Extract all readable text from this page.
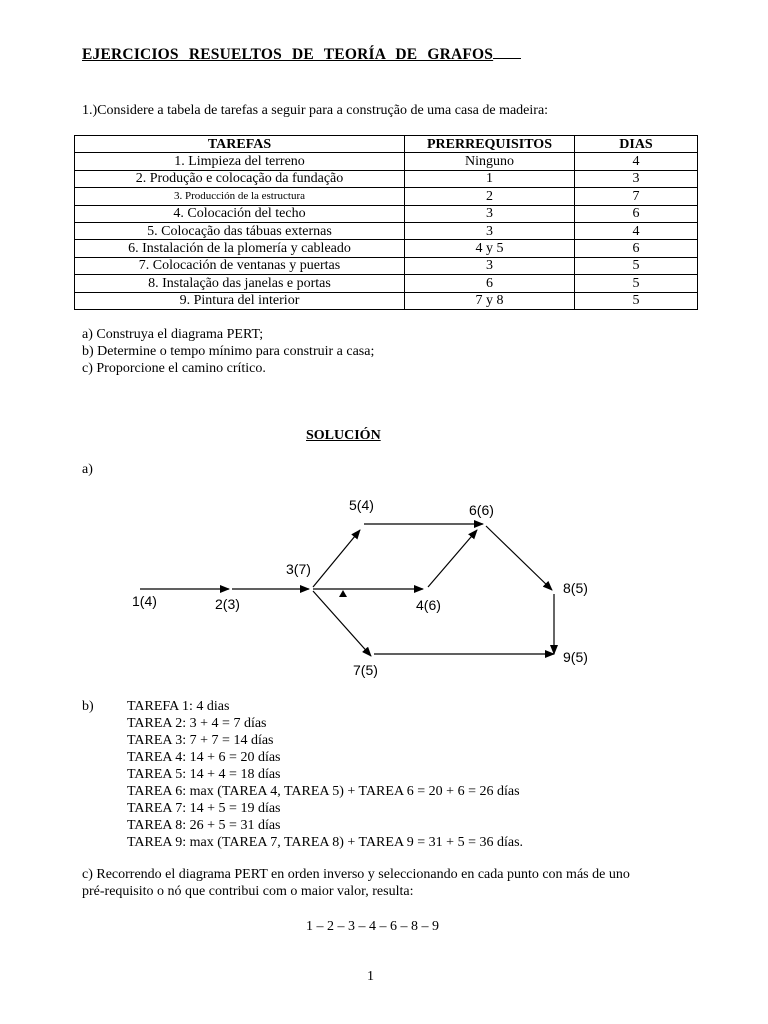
EJERCICIOS RESUELTOS DE TEORÍA DE GRAFOS
1.)Considere a tabela de tarefas a seguir para a construção de uma casa de madeira:
TAREFAS	PRERREQUISITOS	DIAS
1. Limpieza del terreno	Ninguno	4
2. Produção e colocação da fundação	1	3
3. Producción de la estructura	2	7
4. Colocación del techo	3	6
5. Colocação das tábuas externas	3	4
6. Instalación de la plomería y cableado	4 y 5	6
7. Colocación de ventanas y puertas	3	5
8. Instalação das janelas e portas	6	5
9. Pintura del interior	7 y 8	5
a) Construya el diagrama PERT;
b) Determine o tempo mínimo para construir a casa;
c) Proporcione el camino crítico.
SOLUCIÓN
a)
1(4)	2(3)
3(7)
4(6)
5(4)	6(6)
7(5)
8(5)
9(5)
b) TAREFA 1: 4 dias
TAREA 2: 3 + 4 = 7 días
TAREA 3: 7 + 7 = 14 días
TAREA 4: 14 + 6 = 20 días
TAREA 5: 14 + 4 = 18 días
TAREA 6: max (TAREA 4, TAREA 5) + TAREA 6 = 20 + 6 = 26 días
TAREA 7: 14 + 5 = 19 días
TAREA 8: 26 + 5 = 31 días
TAREA 9: max (TAREA 7, TAREA 8) + TAREA 9 = 31 + 5 = 36 días.
c) Recorrendo el diagrama PERT en orden inverso y seleccionando en cada punto con más de uno
pré-requisito o nó que contribui com o maior valor, resulta:
1 – 2 – 3 – 4 – 6 – 8 – 9
1
